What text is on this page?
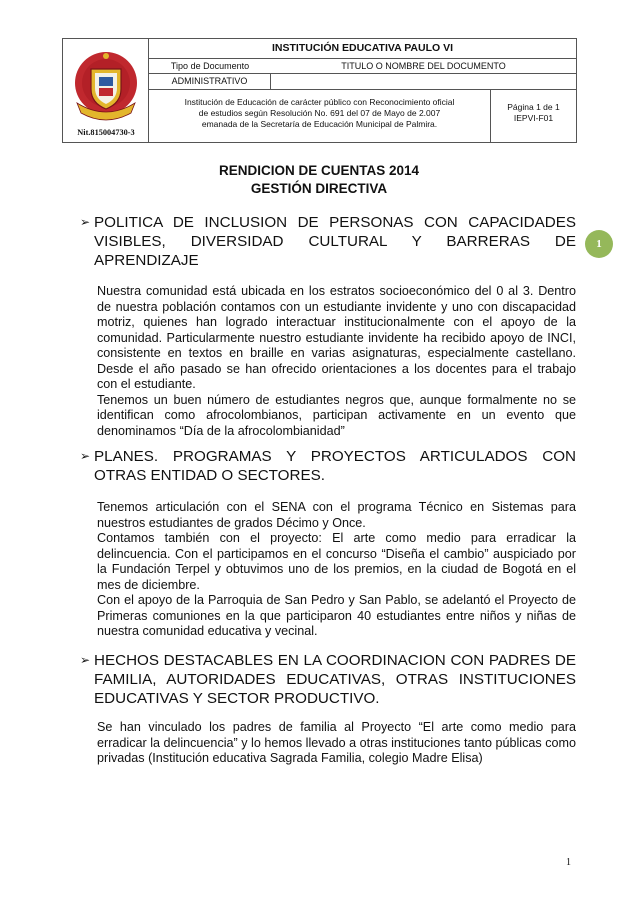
Nit.815004730-3
INSTITUCIÓN EDUCATIVA PAULO VI
Tipo de Documento	TITULO O NOMBRE DEL DOCUMENTO
ADMINISTRATIVO
Institución de Educación de carácter público con Reconocimiento oficial
de estudios según Resolución No. 691 del 07 de Mayo de 2.007
emanada de la Secretaría de Educación Municipal de Palmira.
Página 1 de 1
IEPVI-F01
RENDICION DE CUENTAS 2014
GESTIÓN DIRECTIVA
1
➢ POLITICA DE INCLUSION DE PERSONAS CON CAPACIDADES VISIBLES, DIVERSIDAD CULTURAL Y BARRERAS DE APRENDIZAJE

Nuestra comunidad está ubicada en los estratos socioeconómico del 0 al 3. Dentro de nuestra población contamos con un estudiante invidente y uno con discapacidad motriz, quienes han logrado interactuar institucionalmente con el apoyo de la comunidad. Particularmente nuestro estudiante invidente ha recibido apoyo de INCI, consistente en textos en braille en varias asignaturas, especialmente castellano. Desde el año pasado se han ofrecido orientaciones a los docentes para el trabajo con el estudiante.

Tenemos un buen número de estudiantes negros que, aunque formalmente no se identifican como afrocolombianos, participan activamente en un evento que denominamos “Día de la afrocolombianidad”

➢ PLANES. PROGRAMAS Y PROYECTOS ARTICULADOS CON OTRAS ENTIDAD O SECTORES.

Tenemos articulación con el SENA con el programa Técnico en Sistemas para nuestros estudiantes de grados Décimo y Once.

Contamos también con el proyecto: El arte como medio para erradicar la delincuencia. Con el participamos en el concurso “Diseña el cambio” auspiciado por la Fundación Terpel y obtuvimos uno de los premios, en la ciudad de Bogotá en el mes de diciembre.

Con el apoyo de la Parroquia de San Pedro y San Pablo, se adelantó el Proyecto de Primeras comuniones en la que participaron 40 estudiantes entre niños y niñas de nuestra comunidad educativa y vecinal.

➢ HECHOS DESTACABLES EN LA COORDINACION CON PADRES DE FAMILIA, AUTORIDADES EDUCATIVAS, OTRAS INSTITUCIONES EDUCATIVAS Y SECTOR PRODUCTIVO.

Se han vinculado los padres de familia al Proyecto “El arte como medio para erradicar la delincuencia” y lo hemos llevado a otras instituciones tanto públicas como privadas (Institución educativa Sagrada Familia, colegio Madre Elisa)

1
